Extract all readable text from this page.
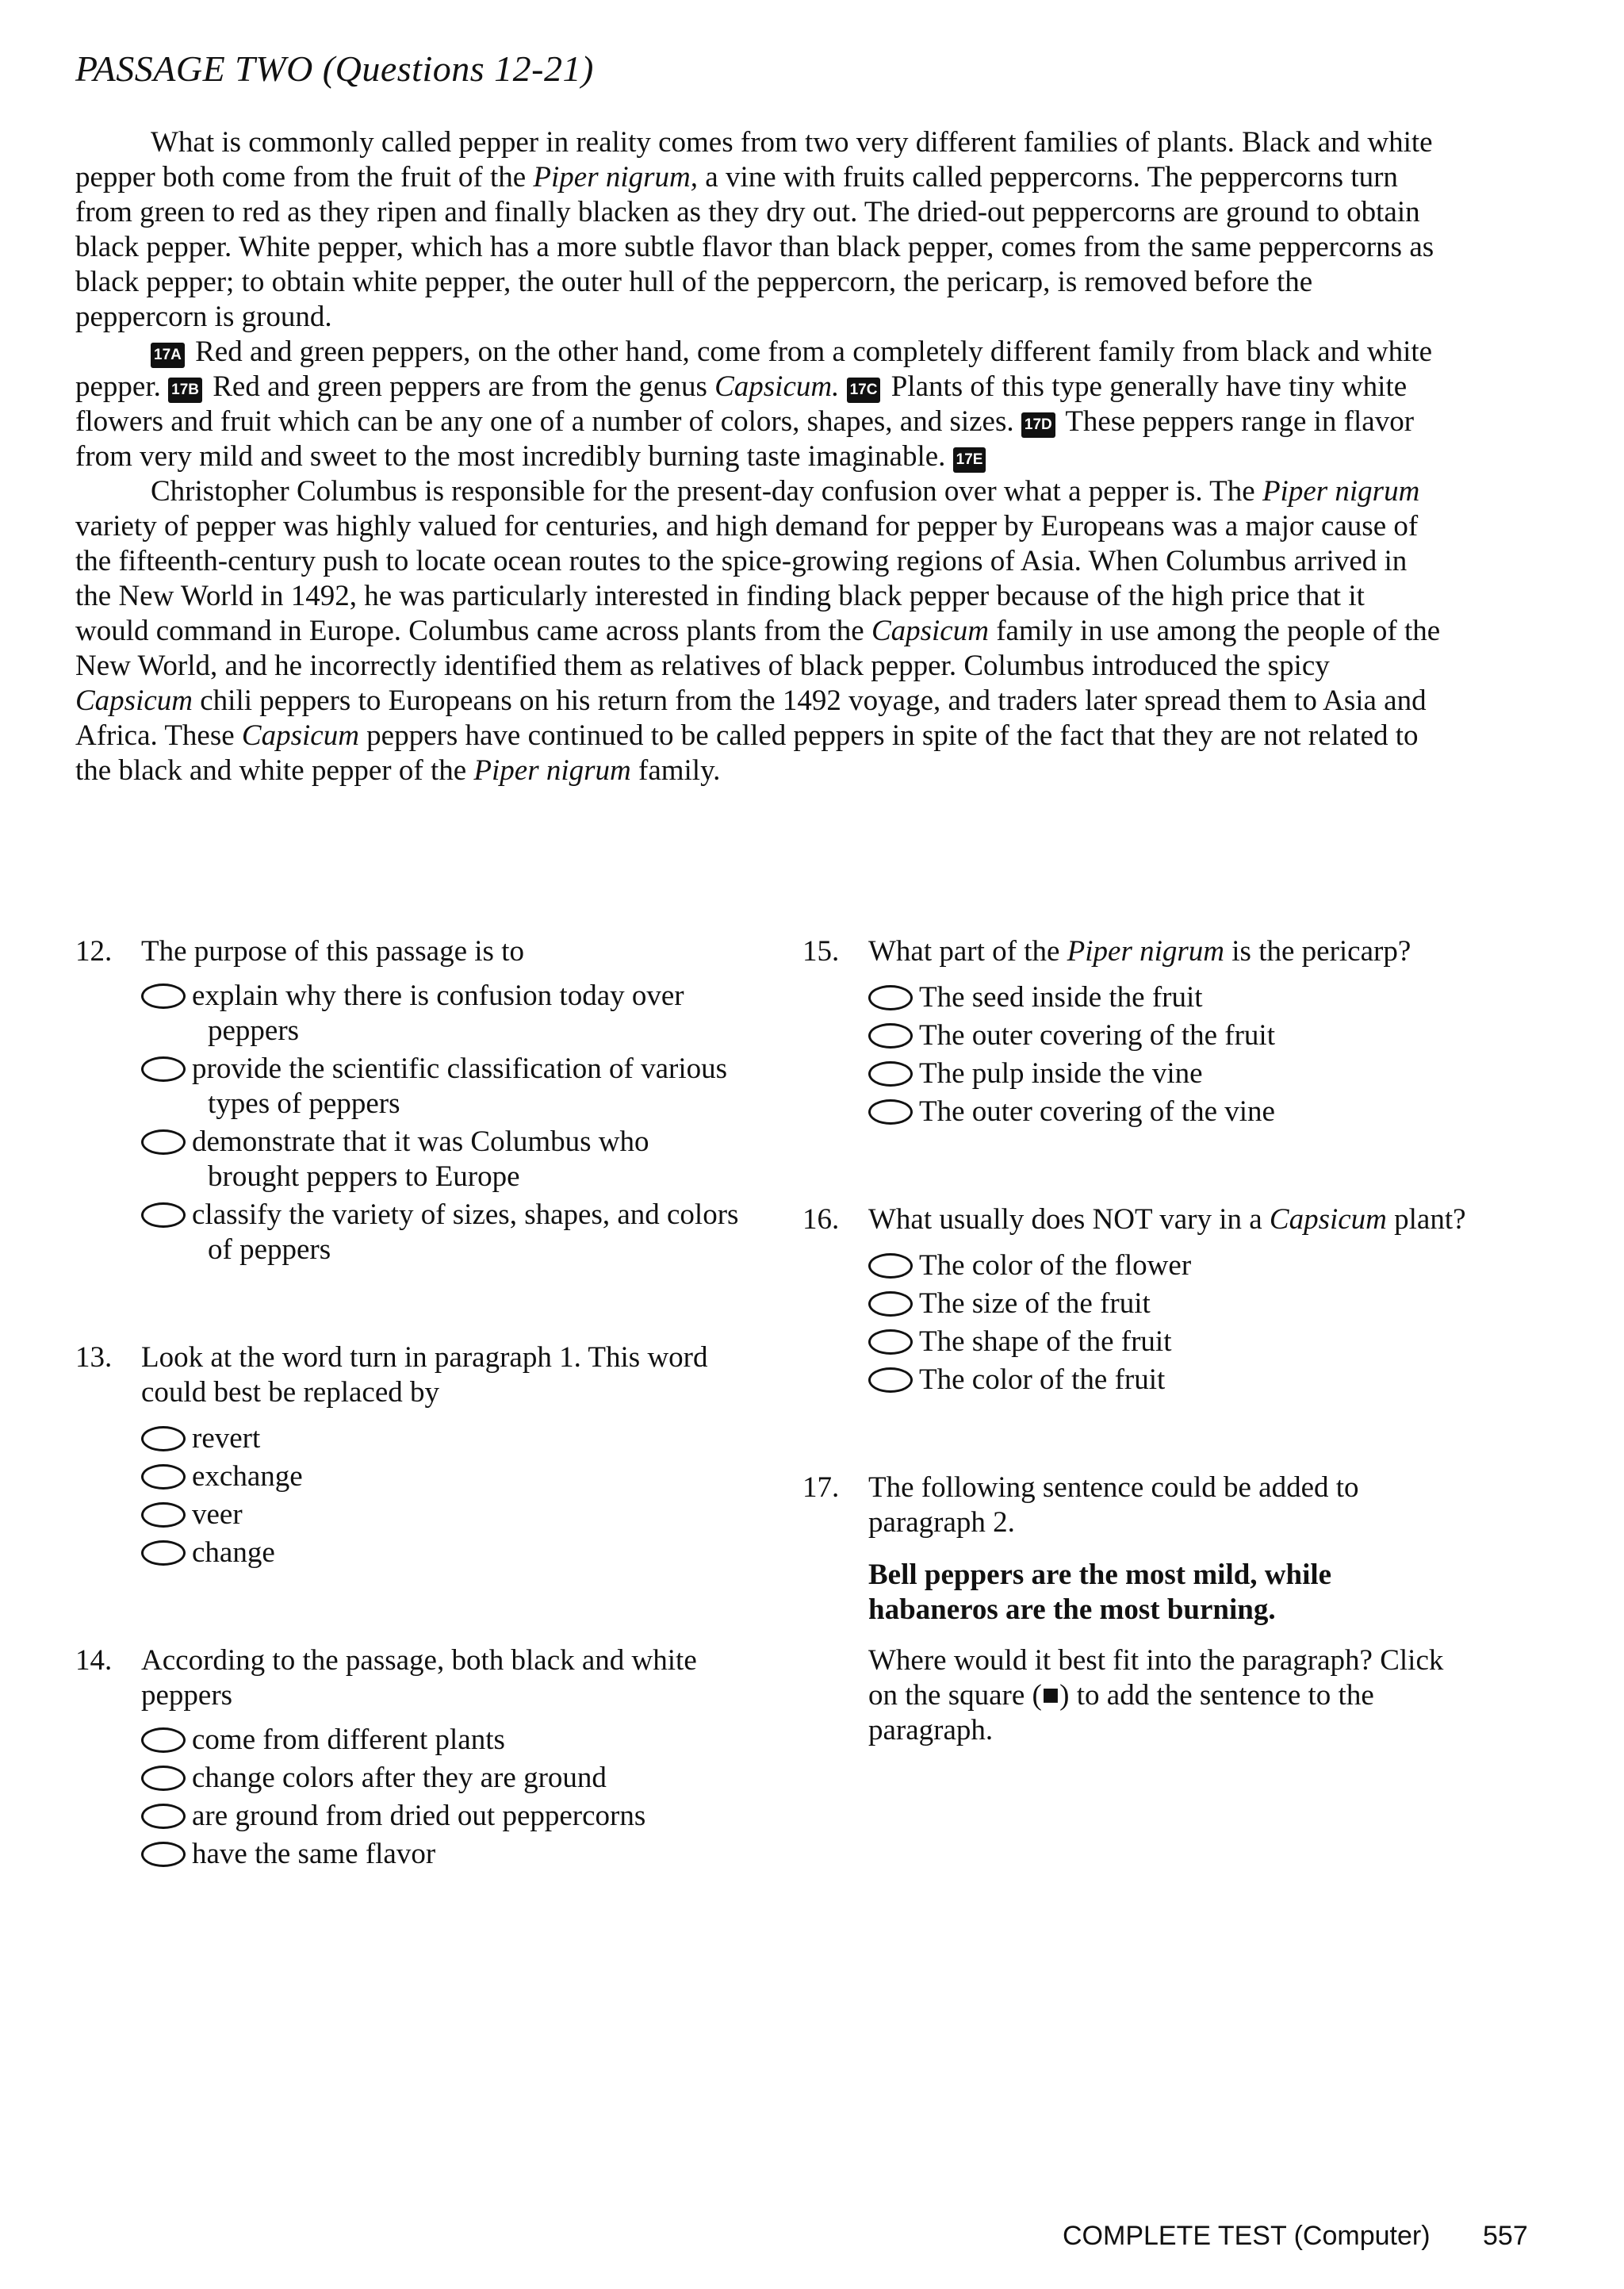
PASSAGE TWO (Questions 12-21)

What is commonly called pepper in reality comes from two very different families of plants. Black and white pepper both come from the fruit of the Piper nigrum, a vine with fruits called peppercorns. The peppercorns turn from green to red as they ripen and finally blacken as they dry out. The dried-out peppercorns are ground to obtain black pepper. White pepper, which has a more subtle flavor than black pepper, comes from the same peppercorns as black pepper; to obtain white pepper, the outer hull of the peppercorn, the pericarp, is removed before the peppercorn is ground.

17A Red and green peppers, on the other hand, come from a completely different family from black and white pepper. 17B Red and green peppers are from the genus Capsicum. 17C Plants of this type generally have tiny white flowers and fruit which can be any one of a number of colors, shapes, and sizes. 17D These peppers range in flavor from very mild and sweet to the most incredibly burning taste imaginable. 17E

Christopher Columbus is responsible for the present-day confusion over what a pepper is. The Piper nigrum variety of pepper was highly valued for centuries, and high demand for pepper by Europeans was a major cause of the fifteenth-century push to locate ocean routes to the spice-growing regions of Asia. When Columbus arrived in the New World in 1492, he was particularly interested in finding black pepper because of the high price that it would command in Europe. Columbus came across plants from the Capsicum family in use among the people of the New World, and he incorrectly identified them as relatives of black pepper. Columbus introduced the spicy Capsicum chili peppers to Europeans on his return from the 1492 voyage, and traders later spread them to Asia and Africa. These Capsicum peppers have continued to be called peppers in spite of the fact that they are not related to the black and white pepper of the Piper nigrum family.

12. The purpose of this passage is to

explain why there is confusion today over peppers
provide the scientific classification of various types of peppers
demonstrate that it was Columbus who brought peppers to Europe
classify the variety of sizes, shapes, and colors of peppers
13. Look at the word turn in paragraph 1. This word could best be replaced by

revert
exchange
veer
change
14. According to the passage, both black and white peppers

come from different plants
change colors after they are ground
are ground from dried out peppercorns
have the same flavor
15. What part of the Piper nigrum is the pericarp?

The seed inside the fruit
The outer covering of the fruit
The pulp inside the vine
The outer covering of the vine
16. What usually does NOT vary in a Capsicum plant?

The color of the flower
The size of the fruit
The shape of the fruit
The color of the fruit
17. The following sentence could be added to paragraph 2.

Bell peppers are the most mild, while habaneros are the most burning.

Where would it best fit into the paragraph? Click on the square (■) to add the sentence to the paragraph.

COMPLETE TEST (Computer) 557
